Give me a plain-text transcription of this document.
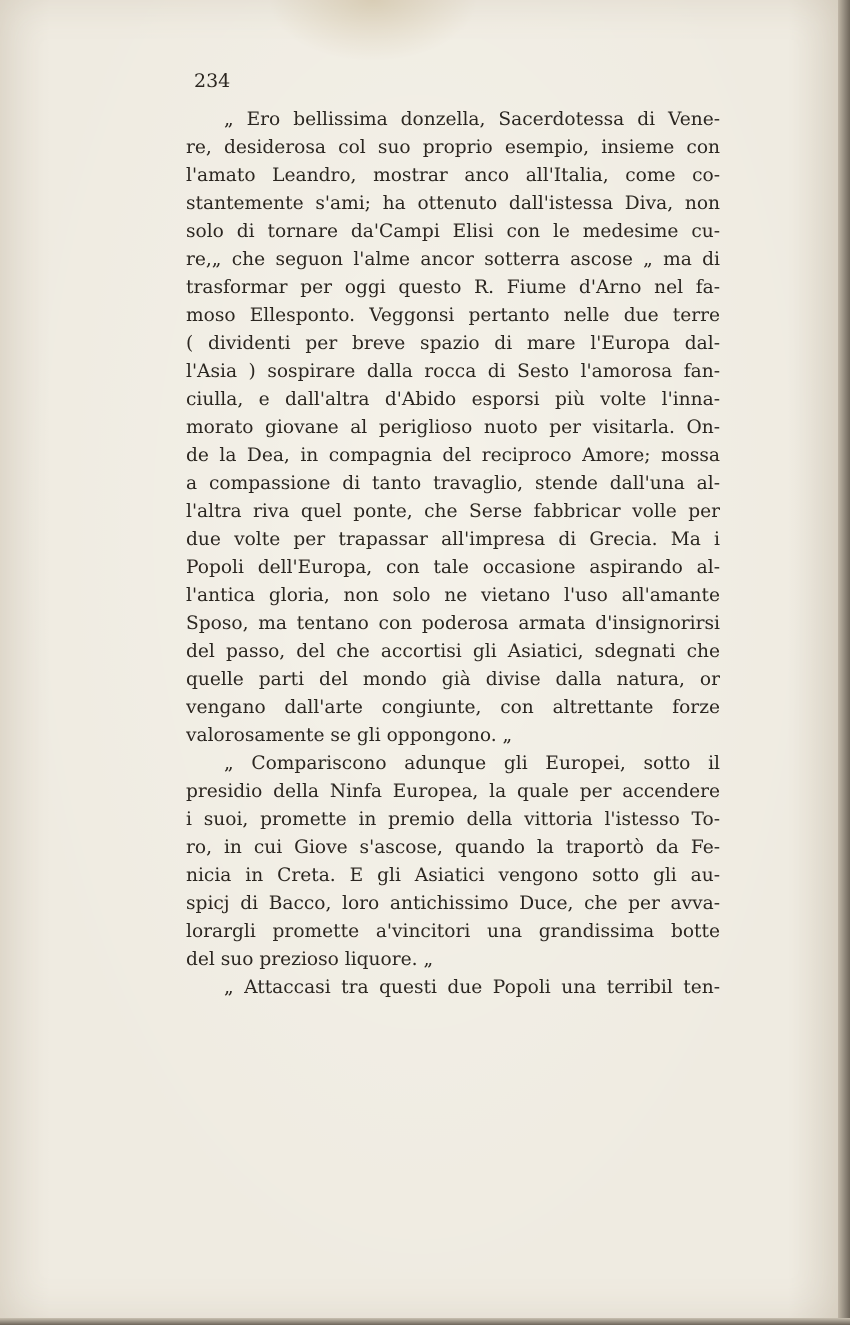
234
„ Ero bellissima donzella, Sacerdotessa di Vene-
re, desiderosa col suo proprio esempio, insieme con
l'amato Leandro, mostrar anco all'Italia, come co-
stantemente s'ami; ha ottenuto dall'istessa Diva, non
solo di tornare da'Campi Elisi con le medesime cu-
re,„ che seguon l'alme ancor sotterra ascose „ ma di
trasformar per oggi questo R. Fiume d'Arno nel fa-
moso Ellesponto. Veggonsi pertanto nelle due terre
( dividenti per breve spazio di mare l'Europa dal-
l'Asia ) sospirare dalla rocca di Sesto l'amorosa fan-
ciulla, e dall'altra d'Abido esporsi più volte l'inna-
morato giovane al periglioso nuoto per visitarla. On-
de la Dea, in compagnia del reciproco Amore; mossa
a compassione di tanto travaglio, stende dall'una al-
l'altra riva quel ponte, che Serse fabbricar volle per
due volte per trapassar all'impresa di Grecia. Ma i
Popoli dell'Europa, con tale occasione aspirando al-
l'antica gloria, non solo ne vietano l'uso all'amante
Sposo, ma tentano con poderosa armata d'insignorirsi
del passo, del che accortisi gli Asiatici, sdegnati che
quelle parti del mondo già divise dalla natura, or
vengano dall'arte congiunte, con altrettante forze
valorosamente se gli oppongono. „
„ Compariscono adunque gli Europei, sotto il
presidio della Ninfa Europea, la quale per accendere
i suoi, promette in premio della vittoria l'istesso To-
ro, in cui Giove s'ascose, quando la traportò da Fe-
nicia in Creta. E gli Asiatici vengono sotto gli au-
spicj di Bacco, loro antichissimo Duce, che per avva-
lorargli promette a'vincitori una grandissima botte
del suo prezioso liquore. „
„ Attaccasi tra questi due Popoli una terribil ten-
